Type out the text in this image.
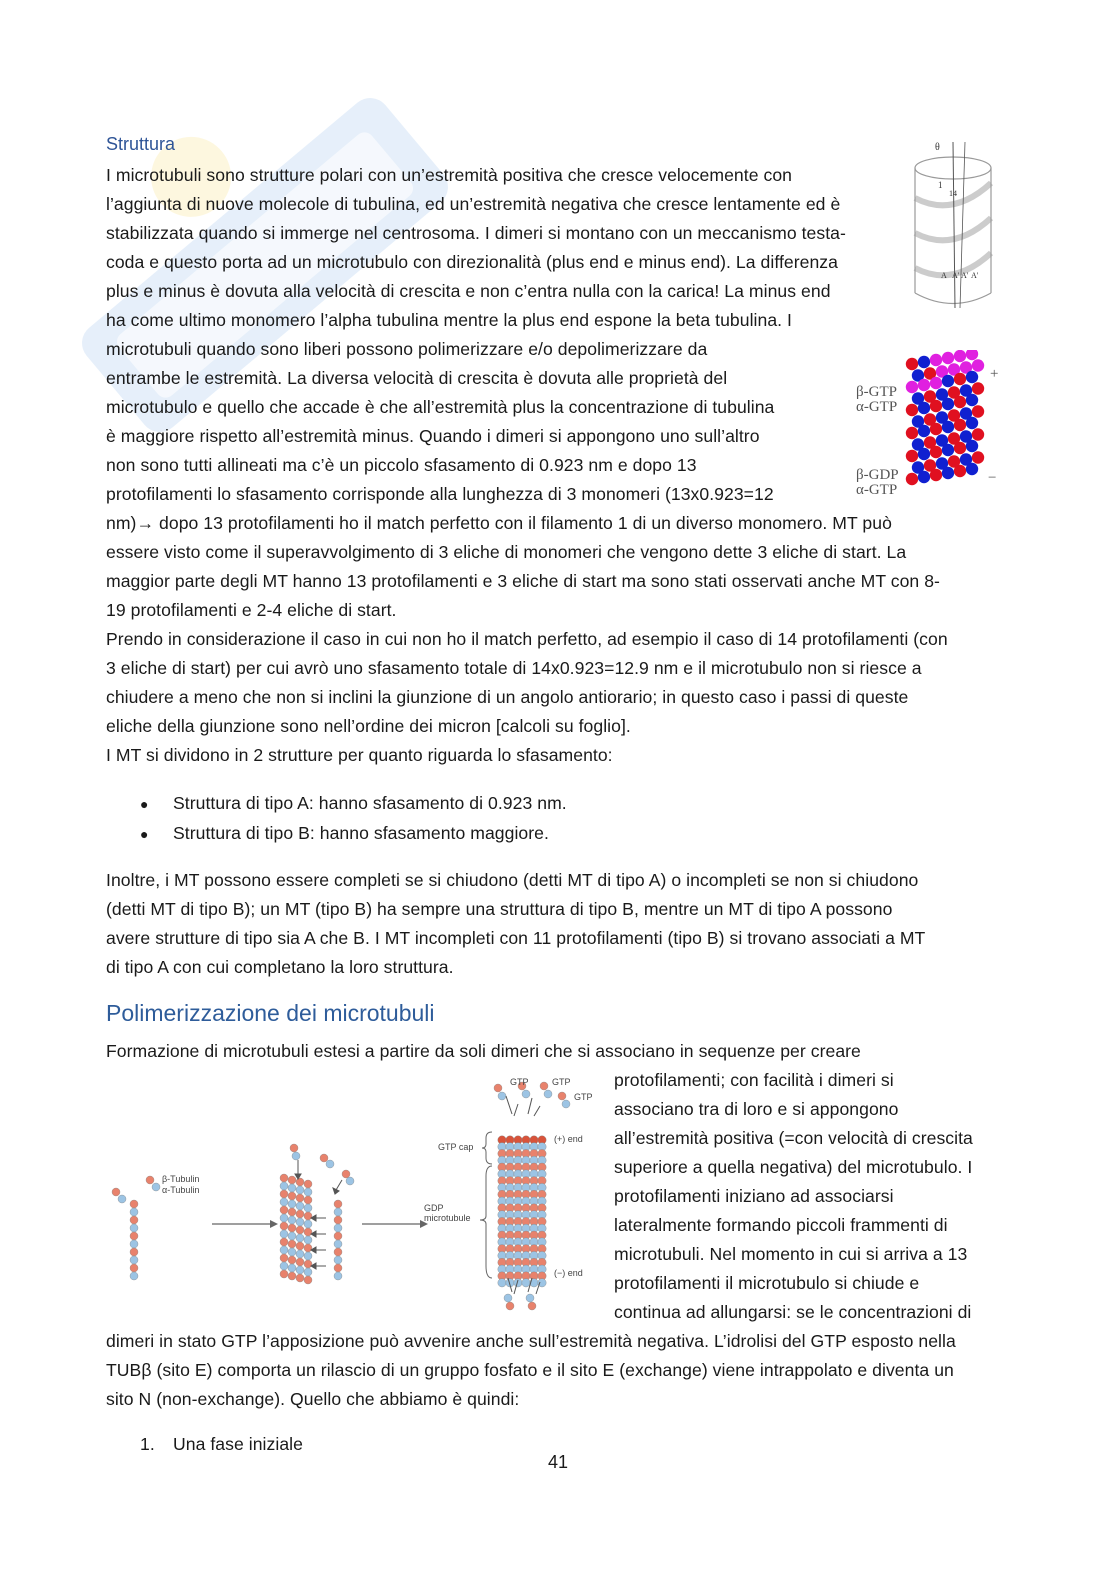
Struttura
I microtubuli sono strutture polari con un’estremità positiva che cresce velocemente con
l’aggiunta di nuove molecole di tubulina, ed un’estremità negativa che cresce lentamente ed è
stabilizzata quando si immerge nel centrosoma. I dimeri si montano con un meccanismo testa-
coda e questo porta ad un microtubulo con direzionalità (plus end e minus end). La differenza
plus e minus è dovuta alla velocità di crescita e non c’entra nulla con la carica! La minus end
ha come ultimo monomero l’alpha tubulina mentre la plus end espone la beta tubulina. I
microtubuli quando sono liberi possono polimerizzare e/o depolimerizzare da
entrambe le estremità. La diversa velocità di crescita è dovuta alle proprietà del
microtubulo e quello che accade è che all’estremità plus la concentrazione di tubulina
è maggiore rispetto all’estremità minus. Quando i dimeri si appongono uno sull’altro
non sono tutti allineati ma c’è un piccolo sfasamento di 0.923 nm e dopo 13
protofilamenti lo sfasamento corrisponde alla lunghezza di 3 monomeri (13x0.923=12
nm)→ dopo 13 protofilamenti ho il match perfetto con il filamento 1 di un diverso monomero. MT può
essere visto come il superavvolgimento di 3 eliche di monomeri che vengono dette 3 eliche di start. La
maggior parte degli MT hanno 13 protofilamenti e 3 eliche di start ma sono stati osservati anche MT con 8-
19 protofilamenti e 2-4 eliche di start.
Prendo in considerazione il caso in cui non ho il match perfetto, ad esempio il caso di 14 protofilamenti (con
3 eliche di start) per cui avrò uno sfasamento totale di 14x0.923=12.9 nm e il microtubulo non si riesce a
chiudere a meno che non si inclini la giunzione di un angolo antiorario; in questo caso i passi di queste
eliche della giunzione sono nell’ordine dei micron [calcoli su foglio].
I MT si dividono in 2 strutture per quanto riguarda lo sfasamento:
● Struttura di tipo A: hanno sfasamento di 0.923 nm.
● Struttura di tipo B: hanno sfasamento maggiore.
Inoltre, i MT possono essere completi se si chiudono (detti MT di tipo A) o incompleti se non si chiudono
(detti MT di tipo B); un MT (tipo B) ha sempre una struttura di tipo B, mentre un MT di tipo A possono
avere strutture di tipo sia A che B. I MT incompleti con 11 protofilamenti (tipo B) si trovano associati a MT
di tipo A con cui completano la loro struttura.
Polimerizzazione dei microtubuli
Formazione di microtubuli estesi a partire da soli dimeri che si associano in sequenze per creare
protofilamenti; con facilità i dimeri si
associano tra di loro e si appongono
all’estremità positiva (=con velocità di crescita
superiore a quella negativa) del microtubulo. I
protofilamenti iniziano ad associarsi
lateralmente formando piccoli frammenti di
microtubuli. Nel momento in cui si arriva a 13
protofilamenti il microtubulo si chiude e
continua ad allungarsi: se le concentrazioni di
dimeri in stato GTP l’apposizione può avvenire anche sull’estremità negativa. L’idrolisi del GTP esposto nella
TUBβ (sito E) comporta un rilascio di un gruppo fosfato e il sito E (exchange) viene intrappolato e diventa un
sito N (non-exchange). Quello che abbiamo è quindi:
1. Una fase iniziale
41
θ
1
14
A A' A' A'
β-GTP
α-GTP
β-GDP
α-GTP
+
−
β-Tubulin
α-Tubulin
GTP	GTP
GTP
GTP cap
(+) end
GDP
microtubule
(−) end
